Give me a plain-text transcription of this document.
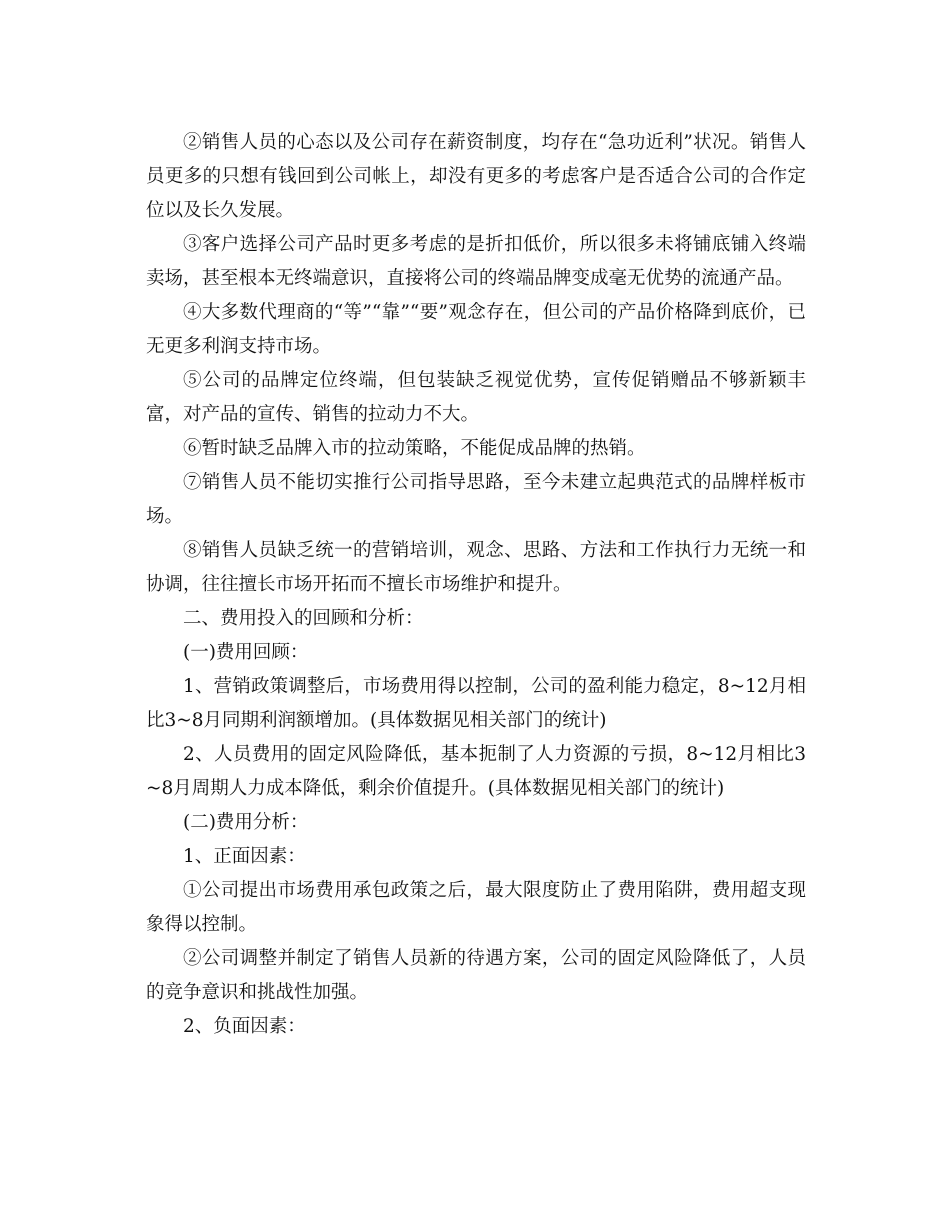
②销售人员的心态以及公司存在薪资制度，均存在“急功近利”状况。销售人员更多的只想有钱回到公司帐上，却没有更多的考虑客户是否适合公司的合作定位以及长久发展。

③客户选择公司产品时更多考虑的是折扣低价，所以很多未将铺底铺入终端卖场，甚至根本无终端意识，直接将公司的终端品牌变成毫无优势的流通产品。

④大多数代理商的“等”“靠”“要”观念存在，但公司的产品价格降到底价，已无更多利润支持市场。

⑤公司的品牌定位终端，但包装缺乏视觉优势，宣传促销赠品不够新颖丰富，对产品的宣传、销售的拉动力不大。

⑥暂时缺乏品牌入市的拉动策略，不能促成品牌的热销。

⑦销售人员不能切实推行公司指导思路，至今未建立起典范式的品牌样板市场。

⑧销售人员缺乏统一的营销培训，观念、思路、方法和工作执行力无统一和协调，往往擅长市场开拓而不擅长市场维护和提升。

二、费用投入的回顾和分析：

(一)费用回顾：

1、营销政策调整后，市场费用得以控制，公司的盈利能力稳定，8~12月相比3~8月同期利润额增加。(具体数据见相关部门的统计)

2、人员费用的固定风险降低，基本扼制了人力资源的亏损，8~12月相比3~8月周期人力成本降低，剩余价值提升。(具体数据见相关部门的统计)

(二)费用分析：

1、正面因素：

①公司提出市场费用承包政策之后，最大限度防止了费用陷阱，费用超支现象得以控制。

②公司调整并制定了销售人员新的待遇方案，公司的固定风险降低了，人员的竞争意识和挑战性加强。

2、负面因素：
